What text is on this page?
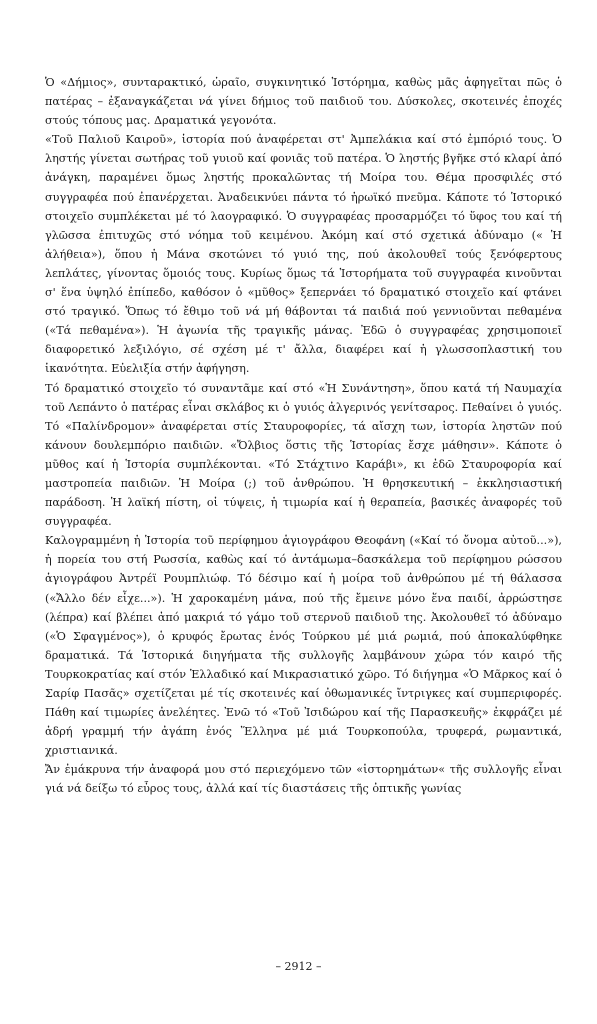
Ὁ «Δήμιος», συνταρακτικό, ὡραῖο, συγκινητικό Ἱστόρημα, καθὼς μᾶς ἀφηγεῖται πῶς ὁ πατέρας – ἐξαναγκάζεται νά γίνει δήμιος τοῦ παιδιοῦ του. Δύσκολες, σκοτεινές ἐποχές στούς τόπους μας. Δραματικά γεγονότα.

«Τοῦ Παλιοῦ Καιροῦ», ἱστορία πού ἀναφέρεται στ' Ἀμπελάκια καί στό ἐμπόριό τους. Ὁ ληστής γίνεται σωτήρας τοῦ γυιοῦ καί φονιᾶς τοῦ πατέρα. Ὁ ληστής βγῆκε στό κλαρί ἀπό ἀνάγκη, παραμένει ὅμως ληστής προκαλῶντας τή Μοίρα του. Θέμα προσφιλές στό συγγραφέα πού ἐπανέρχεται. Ἀναδεικνύει πάντα τό ἡρωϊκό πνεῦμα. Κάποτε τό Ἱστορικό στοιχεῖο συμπλέκεται μέ τό λαογραφικό. Ὁ συγγραφέας προσαρμόζει τό ὕφος του καί τή γλῶσσα ἐπιτυχῶς στό νόημα τοῦ κειμένου. Ἀκόμη καί στό σχετικά ἀδύναμο (« Ἡ ἀλήθεια»), ὅπου ἡ Μάνα σκοτώνει τό γυιό της, πού ἀκολουθεῖ τούς ξενόφερτους λεπλάτες, γίνοντας ὅμοιός τους. Κυρίως ὅμως τά Ἱστορήματα τοῦ συγγραφέα κινοῦνται σ' ἕνα ὑψηλό ἐπίπεδο, καθόσον ὁ «μῦθος» ξεπερνάει τό δραματικό στοιχεῖο καί φτάνει στό τραγικό. Ὅπως τό ἔθιμο τοῦ νά μή θάβονται τά παιδιά πού γεννιοῦνται πεθαμένα («Τά πεθαμένα»). Ἡ ἀγωνία τῆς τραγικῆς μάνας. Ἐδῶ ὁ συγγραφέας χρησιμοποιεῖ διαφορετικό λεξιλόγιο, σέ σχέση μέ τ' ἄλλα, διαφέρει καί ἡ γλωσσοπλαστική του ἱκανότητα. Εὐελιξία στήν ἀφήγηση.

Τό δραματικό στοιχεῖο τό συναντᾶμε καί στό «Ἡ Συνάντηση», ὅπου κατά τή Ναυμαχία τοῦ Λεπάντο ὁ πατέρας εἶναι σκλάβος κι ὁ γυιός ἀλγερινός γενίτσαρος. Πεθαίνει ὁ γυιός. Τό «Παλίνδρομον» ἀναφέρεται στίς Σταυροφορίες, τά αἴσχη των, ἱστορία ληστῶν πού κάνουν δουλεμπόριο παιδιῶν. «Ὄλβιος ὅστις τῆς Ἱστορίας ἔσχε μάθησιν». Κάποτε ὁ μῦθος καί ἡ Ἱστορία συμπλέκονται. «Τό Στάχτινο Καράβι», κι ἐδῶ Σταυροφορία καί μαστροπεία παιδιῶν. Ἡ Μοίρα (;) τοῦ ἀνθρώπου. Ἡ θρησκευτική – ἐκκλησιαστική παράδοση. Ἡ λαϊκή πίστη, οἱ τύψεις, ἡ τιμωρία καί ἡ θεραπεία, βασικές ἀναφορές τοῦ συγγραφέα.

Καλογραμμένη ἡ Ἱστορία τοῦ περίφημου ἁγιογράφου Θεοφάνη («Καί τό ὄνομα αὐτοῦ...»), ἡ πορεία του στή Ρωσσία, καθὼς καί τό ἀντάμωμα–δασκάλεμα τοῦ περίφημου ρώσσου ἁγιογράφου Ἀντρέϊ Ρουμπλιώφ. Τό δέσιμο καί ἡ μοίρα τοῦ ἀνθρώπου μέ τή θάλασσα («Ἄλλο δέν εἶχε...»). Ἡ χαροκαμένη μάνα, πού τῆς ἔμεινε μόνο ἕνα παιδί, ἀρρώστησε (λέπρα) καί βλέπει ἀπό μακριά τό γάμο τοῦ στερνοῦ παιδιοῦ της. Ἀκολουθεῖ τό ἀδύναμο («Ὁ Σφαγμένος»), ὁ κρυφός ἔρωτας ἑνός Τούρκου μέ μιά ρωμιά, πού ἀποκαλύφθηκε δραματικά. Τά Ἱστορικά διηγήματα τῆς συλλογῆς λαμβάνουν χώρα τόν καιρό τῆς Τουρκοκρατίας καί στόν Ἑλλαδικό καί Μικρασιατικό χῶρο. Τό διήγημα «Ὁ Μᾶρκος καί ὁ Σαρίφ Πασᾶς» σχετίζεται μέ τίς σκοτεινές καί ὀθωμανικές ἴντριγκες καί συμπεριφορές. Πάθη καί τιμωρίες ἀνελέητες. Ἐνῶ τό «Τοῦ Ἰσιδώρου καί τῆς Παρασκευῆς» ἐκφράζει μέ ἁδρή γραμμή τήν ἀγάπη ἑνός Ἕλληνα μέ μιά Τουρκοπούλα, τρυφερά, ρωμαντικά, χριστιανικά.

Ἄν ἐμάκρυνα τήν ἀναφορά μου στό περιεχόμενο τῶν «ἱστορημάτων« τῆς συλλογῆς εἶναι γιά νά δείξω τό εὖρος τους, ἀλλά καί τίς διαστάσεις τῆς ὀπτικῆς γωνίας

– 2912 –
